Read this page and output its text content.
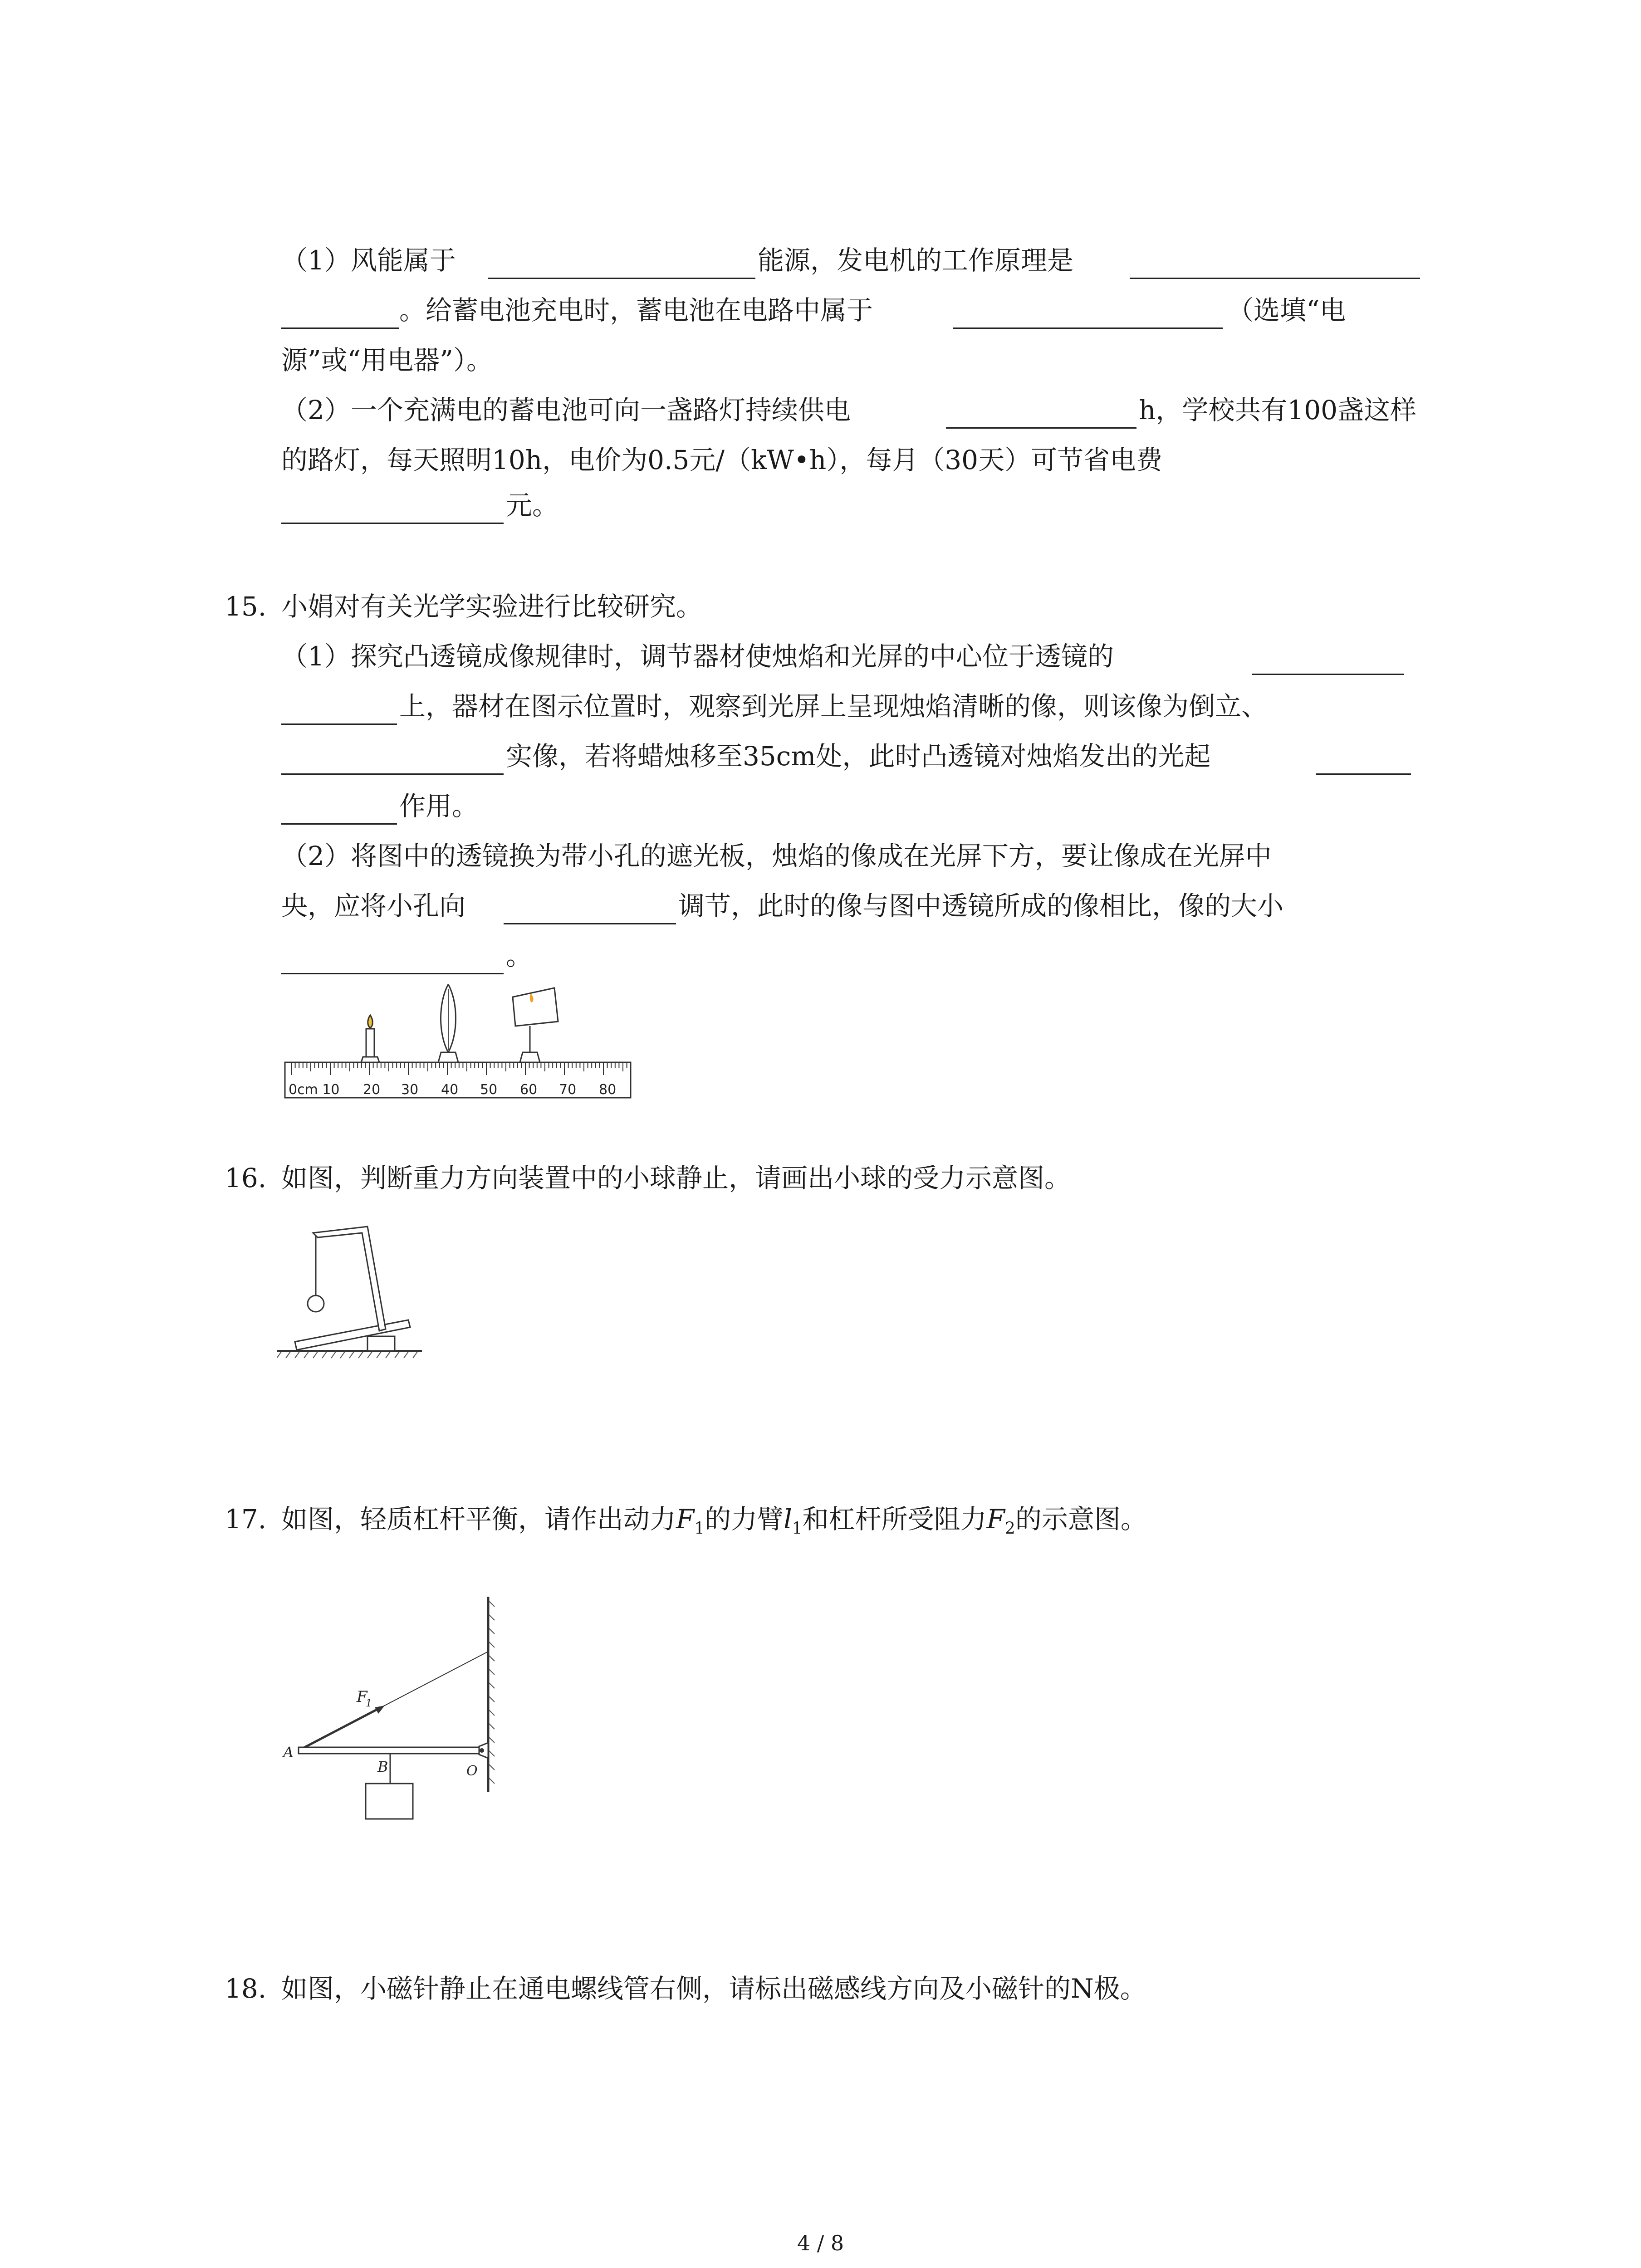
（1）风能属于	能源，发电机的工作原理是
。给蓄电池充电时，蓄电池在电路中属于	（选填“电
源”或“用电器”）。
（2）一个充满电的蓄电池可向一盏路灯持续供电	h，学校共有100盏这样
的路灯，每天照明10h，电价为0.5元/（kW•h），每月（30天）可节省电费
元。
15. 小娟对有关光学实验进行比较研究。
（1）探究凸透镜成像规律时，调节器材使烛焰和光屏的中心位于透镜的
上，器材在图示位置时，观察到光屏上呈现烛焰清晰的像，则该像为倒立、
实像，若将蜡烛移至35cm处，此时凸透镜对烛焰发出的光起
作用。
（2）将图中的透镜换为带小孔的遮光板，烛焰的像成在光屏下方，要让像成在光屏中
央，应将小孔向	调节，此时的像与图中透镜所成的像相比，像的大小
。
0cm 10 20 30 40 50 60 70 80
16. 如图，判断重力方向装置中的小球静止，请画出小球的受力示意图。
17. 如图，轻质杠杆平衡，请作出动力$F_1$的力臂$l_1$和杠杆所受阻力$F_2$的示意图。
F
1
A
B	O
18. 如图，小磁针静止在通电螺线管右侧，请标出磁感线方向及小磁针的N极。
4 / 8
